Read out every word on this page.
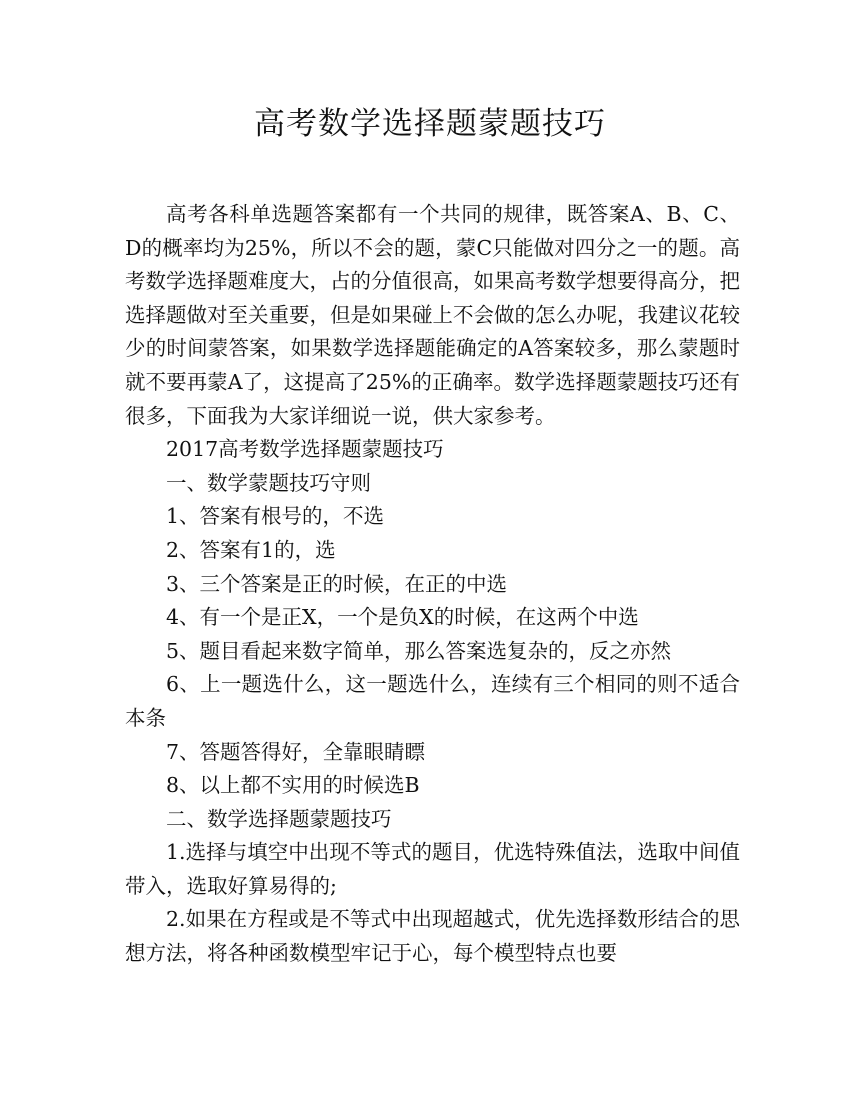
高考数学选择题蒙题技巧

高考各科单选题答案都有一个共同的规律，既答案A、B、C、D的概率均为25%，所以不会的题，蒙C只能做对四分之一的题。高考数学选择题难度大，占的分值很高，如果高考数学想要得高分，把选择题做对至关重要，但是如果碰上不会做的怎么办呢，我建议花较少的时间蒙答案，如果数学选择题能确定的A答案较多，那么蒙题时就不要再蒙A了，这提高了25%的正确率。数学选择题蒙题技巧还有很多，下面我为大家详细说一说，供大家参考。

2017高考数学选择题蒙题技巧

一、数学蒙题技巧守则

1、答案有根号的，不选

2、答案有1的，选

3、三个答案是正的时候，在正的中选

4、有一个是正X，一个是负X的时候，在这两个中选

5、题目看起来数字简单，那么答案选复杂的，反之亦然

6、上一题选什么，这一题选什么，连续有三个相同的则不适合本条

7、答题答得好，全靠眼睛瞟

8、以上都不实用的时候选B

二、数学选择题蒙题技巧

1.选择与填空中出现不等式的题目，优选特殊值法，选取中间值带入，选取好算易得的;

2.如果在方程或是不等式中出现超越式，优先选择数形结合的思想方法，将各种函数模型牢记于心，每个模型特点也要
